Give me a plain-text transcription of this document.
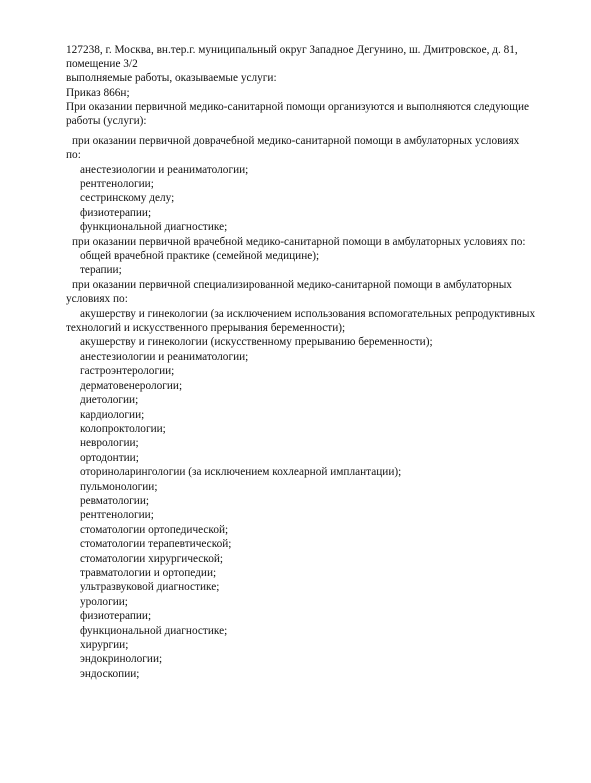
127238, г. Москва, вн.тер.г. муниципальный округ Западное Дегунино, ш. Дмитровское, д. 81,
помещение 3/2
выполняемые работы, оказываемые услуги:
Приказ 866н;
При оказании первичной медико-санитарной помощи организуются и выполняются следующие
работы (услуги):
при оказании первичной доврачебной медико-санитарной помощи в амбулаторных условиях
по:
анестезиологии и реаниматологии;
рентгенологии;
сестринскому делу;
физиотерапии;
функциональной диагностике;
при оказании первичной врачебной медико-санитарной помощи в амбулаторных условиях по:
общей врачебной практике (семейной медицине);
терапии;
при оказании первичной специализированной медико-санитарной помощи в амбулаторных
условиях по:
акушерству и гинекологии (за исключением использования вспомогательных репродуктивных
технологий и искусственного прерывания беременности);
акушерству и гинекологии (искусственному прерыванию беременности);
анестезиологии и реаниматологии;
гастроэнтерологии;
дерматовенерологии;
диетологии;
кардиологии;
колопроктологии;
неврологии;
ортодонтии;
оториноларингологии (за исключением кохлеарной имплантации);
пульмонологии;
ревматологии;
рентгенологии;
стоматологии ортопедической;
стоматологии терапевтической;
стоматологии хирургической;
травматологии и ортопедии;
ультразвуковой диагностике;
урологии;
физиотерапии;
функциональной диагностике;
хирургии;
эндокринологии;
эндоскопии;
